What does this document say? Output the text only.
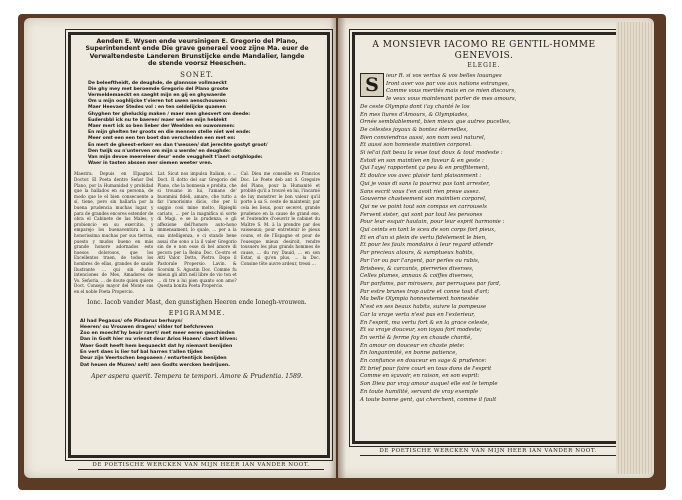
Aenden E. Wysen ende veursinigen E. Gregorio del Plano,
Superintendent ende Die grave generael vooz zijne Ma. euer de
Verwaltendeste Landeren Brunstijcke ende Mandalier, langde
de stende voorsz Heeschen.
SONET.
De beleeftheidt, de deughde, de glannsse vollmaeckt
Die ghy mey met beroemde Gregorio del Plano groote
Vermeldemaeckt en saeght mijn en gij en ghywaerde
Om u mijn ooghlijcke t'vieren tot uwen aenschouwen:
Maer Heevaer Stedes vol : en ten seldelijcke quamen
Ghyghen ter gheluckig maken / maer men ghesvert om deede:
Eudersbbl ick nu te baeren/ maer wel en mijn heblekt
Maer mert ick so ben lieber der Weelden en ouwommen:
En mijn ghelten ter groots en die mennen stelle niet wel ende:
Meer omt een een ten boet dan verschelden een met en:
En mert de gheest-erkerr en dan t'wessen/ dat jerechte gostyt groot/
Den twijk ou n'unterven om mijn u werde/ en deughde:
Van mijn devoe meereleer deur' ende veuggheit t'iaerl ootghlopde:
Waer in tasten abssen mer siemen weeter vren.
Maestra. Depuis en Elpagnol. Doctor. El Poeta dentro Señor Del Plano, por la Humanidad y probidad que la hallados en su persona, de modo que le el bien consecuente a sí, tiene, pero sin hallarla por la buena prudencia muchas lugar, y para de grandes encores estender de obra el Cabinete de las Males, y probiencio en su exercitio, y emparejo los buenaventura a la honorissima muchas por sus tierras, puesto y mudos bueno en más grande honore adornados esto huesos dolorosos, que los Excellentos traen, de todos los hombres de ellas, grandes de saudo Ilustrante ... qui sin dudos intenciones de Mes, Amadores de Vo. Señoria, ... de doute quien quiere Doct. Consejo mayor del Monte sus en el noble Poeta Propercio.
Lat. Sicut nos impulsu Italiam, o ... Doct. Il dotto del sur Gregorio del Piano, che la bonnesia e probita, che si trouano in lui, l'amano de' buonmini fideli, amare, che tutto a far l'amorisimo dicio, che per li saggio cosi mine molto, Ripieghi cariato, ... per la magnifica si sorte di Magi, e se la prudenza, e gli affezione dell'honore auto-hono immensament, lo quale, ... per a la sua intelligenza, e ci stando bene assai che sono a la il valer Gregorio sin de e non esse di bel amore di pecora per la Reina Doc. Ce-stro et Atti Valor. Dotto, Pietro. Dopo il Pastorale Propersio. Lavin. & Scorsim S. Agustin Doc. Comme fu mieux gli altri nell libre de vio ton et ... di tre a lui pien quanto son amo? Questa bonita Poeta Propercio.
Cal. Dieu me conseille en Francios Doc. Le Poete deb ant S. Gregoire del Plano, pour la Humanité et probité qu'il a trouvé en lui, l'incarné de luy monstrer le bon valeur qu'il porte à sa S. ceste de maintenir, par cela les lieux, pour seceret, grande prudence en la cause de grand exe, et l'eutendre d'oeuvrir le cabinet du Maître S. M. à la prendre par des vaisseaux; pour entretenir le pieux couns, et de l'Espagne et pour de l'euesque mieux desiroit, rendre tousuers les plus grands hommes de cause, ... du roy Dauid, ... en son Estar, si qu'en plus, ... la Doc. Consine tôte auvre ardeur, tressi ...
Ionc. Iacob vander Mast, den gunstighen Heeren ende Ionegh-vrouwen.
EPIGRAMME.
Al had Pegasus/ ofe Pindarus berhuyn/
Heeren/ ou Vrouwen dragen/ vilder tof befchreven
Zoo en moecht'hy beuir raert/ met meer eeren geschieden
Dan in Godt hier nu vrienst deur Arios Hoaen/ claert bliven:
Waer Godt heeft hem bequaeckt dat hy niemant benijden
En vert daes is lier tof bal harren t'allen tijden
Deur zijn Veertschen begoaeen / enturtentijck benijden
Dat heuen de Muzen/ selt/ aen Godts wercken bedrijuen.
Aper aspera querit. Tempera te tempori. Amore & Prudentia. 1589.
DE POETISCHE WERCKEN VAN MIJN HEER IAN VANDER NOOT.
A MONSIEVR IACOMO RE GENTIL-HOMME GENEVOIS.
ELEGIE.
S	ieur R. si vos vertus & vos belles louanges
Iront aver vos par vos aux nations estranges,
Comme vous merités mais en ce mien discours,
Ie veux vous maintenant parler de mes amours,
De ceste Olympia dont i'ay chanté le los
En mes liures d'Amours, & Olympiades,
Ornée semblablement, bien mieux que autres pucelles,
De célestes joyaux & bontez éternelles,
Bien conviendras aussi, son nom seul naturel,
Et aussi son honneste maintien corporel.
Si iel'ai fait beau la veue tout doux & tout modeste :
Estoit en son maintien en faveur & en geste :
Qui l'aye/ rapportent ça peu & en proffitement,
Et doulce vos avec plaisir tant plaisanment :
Qui je vous di sans la pourrez pas tant arrester,
Sans escrit vous t'en avoit rien preue assez.
Gouverne chasteement son maintien corporel,
Qui ne ve point tout son compas en carrousels
Fervent sister, qui sont par tout les persones
Pour leur esquir hautain, pour leur esprit harmonie :
Qui ceints en tant le sceu de son corps fort pieux,
Et en d'un si plein de vertu fidelement le bien,
Et pour les faulx mondains à leur regard attendr
Par precieux atours, & sumptueux habits,
Par l'or ou par l'argent, par perles ou rubis,
Brisbees, & carcants, pierreries diverses,
Celles plumes, annaux & coiffes diverses,
Par parfums, par mirouers, par perruques par fard,
Par estre brunes trop autre et conne tout d'art;
Ma belle Olympia honnestement honnestée
N'est en ses beaux habits, suivre la pompeuse
Car la vraye vertu n'est pas en l'exterieur,
En l'esprit, ma vertu fort & en la grace celeste,
Et sa vraye douceur, son ioyau fort modeste;
En verité & ferme foy en chaude charité,
En amour on douceur en chaste piete:
En longanimité, en bonne patience,
En confiance en douceur en sage & prudence:
Et brief pour faire court en tous dons de l'esprit
Comme en sçavoir, en raison, en son esprit:
Son Dieu par vray amour auquel elle est le temple
En toute humilité, servant de vray exemple
A toute bonne gent, qui cherchent, comme il fault
DE POETISCHE WERCKEN VAN MIJN HEER IAN VANDER NOOT.
